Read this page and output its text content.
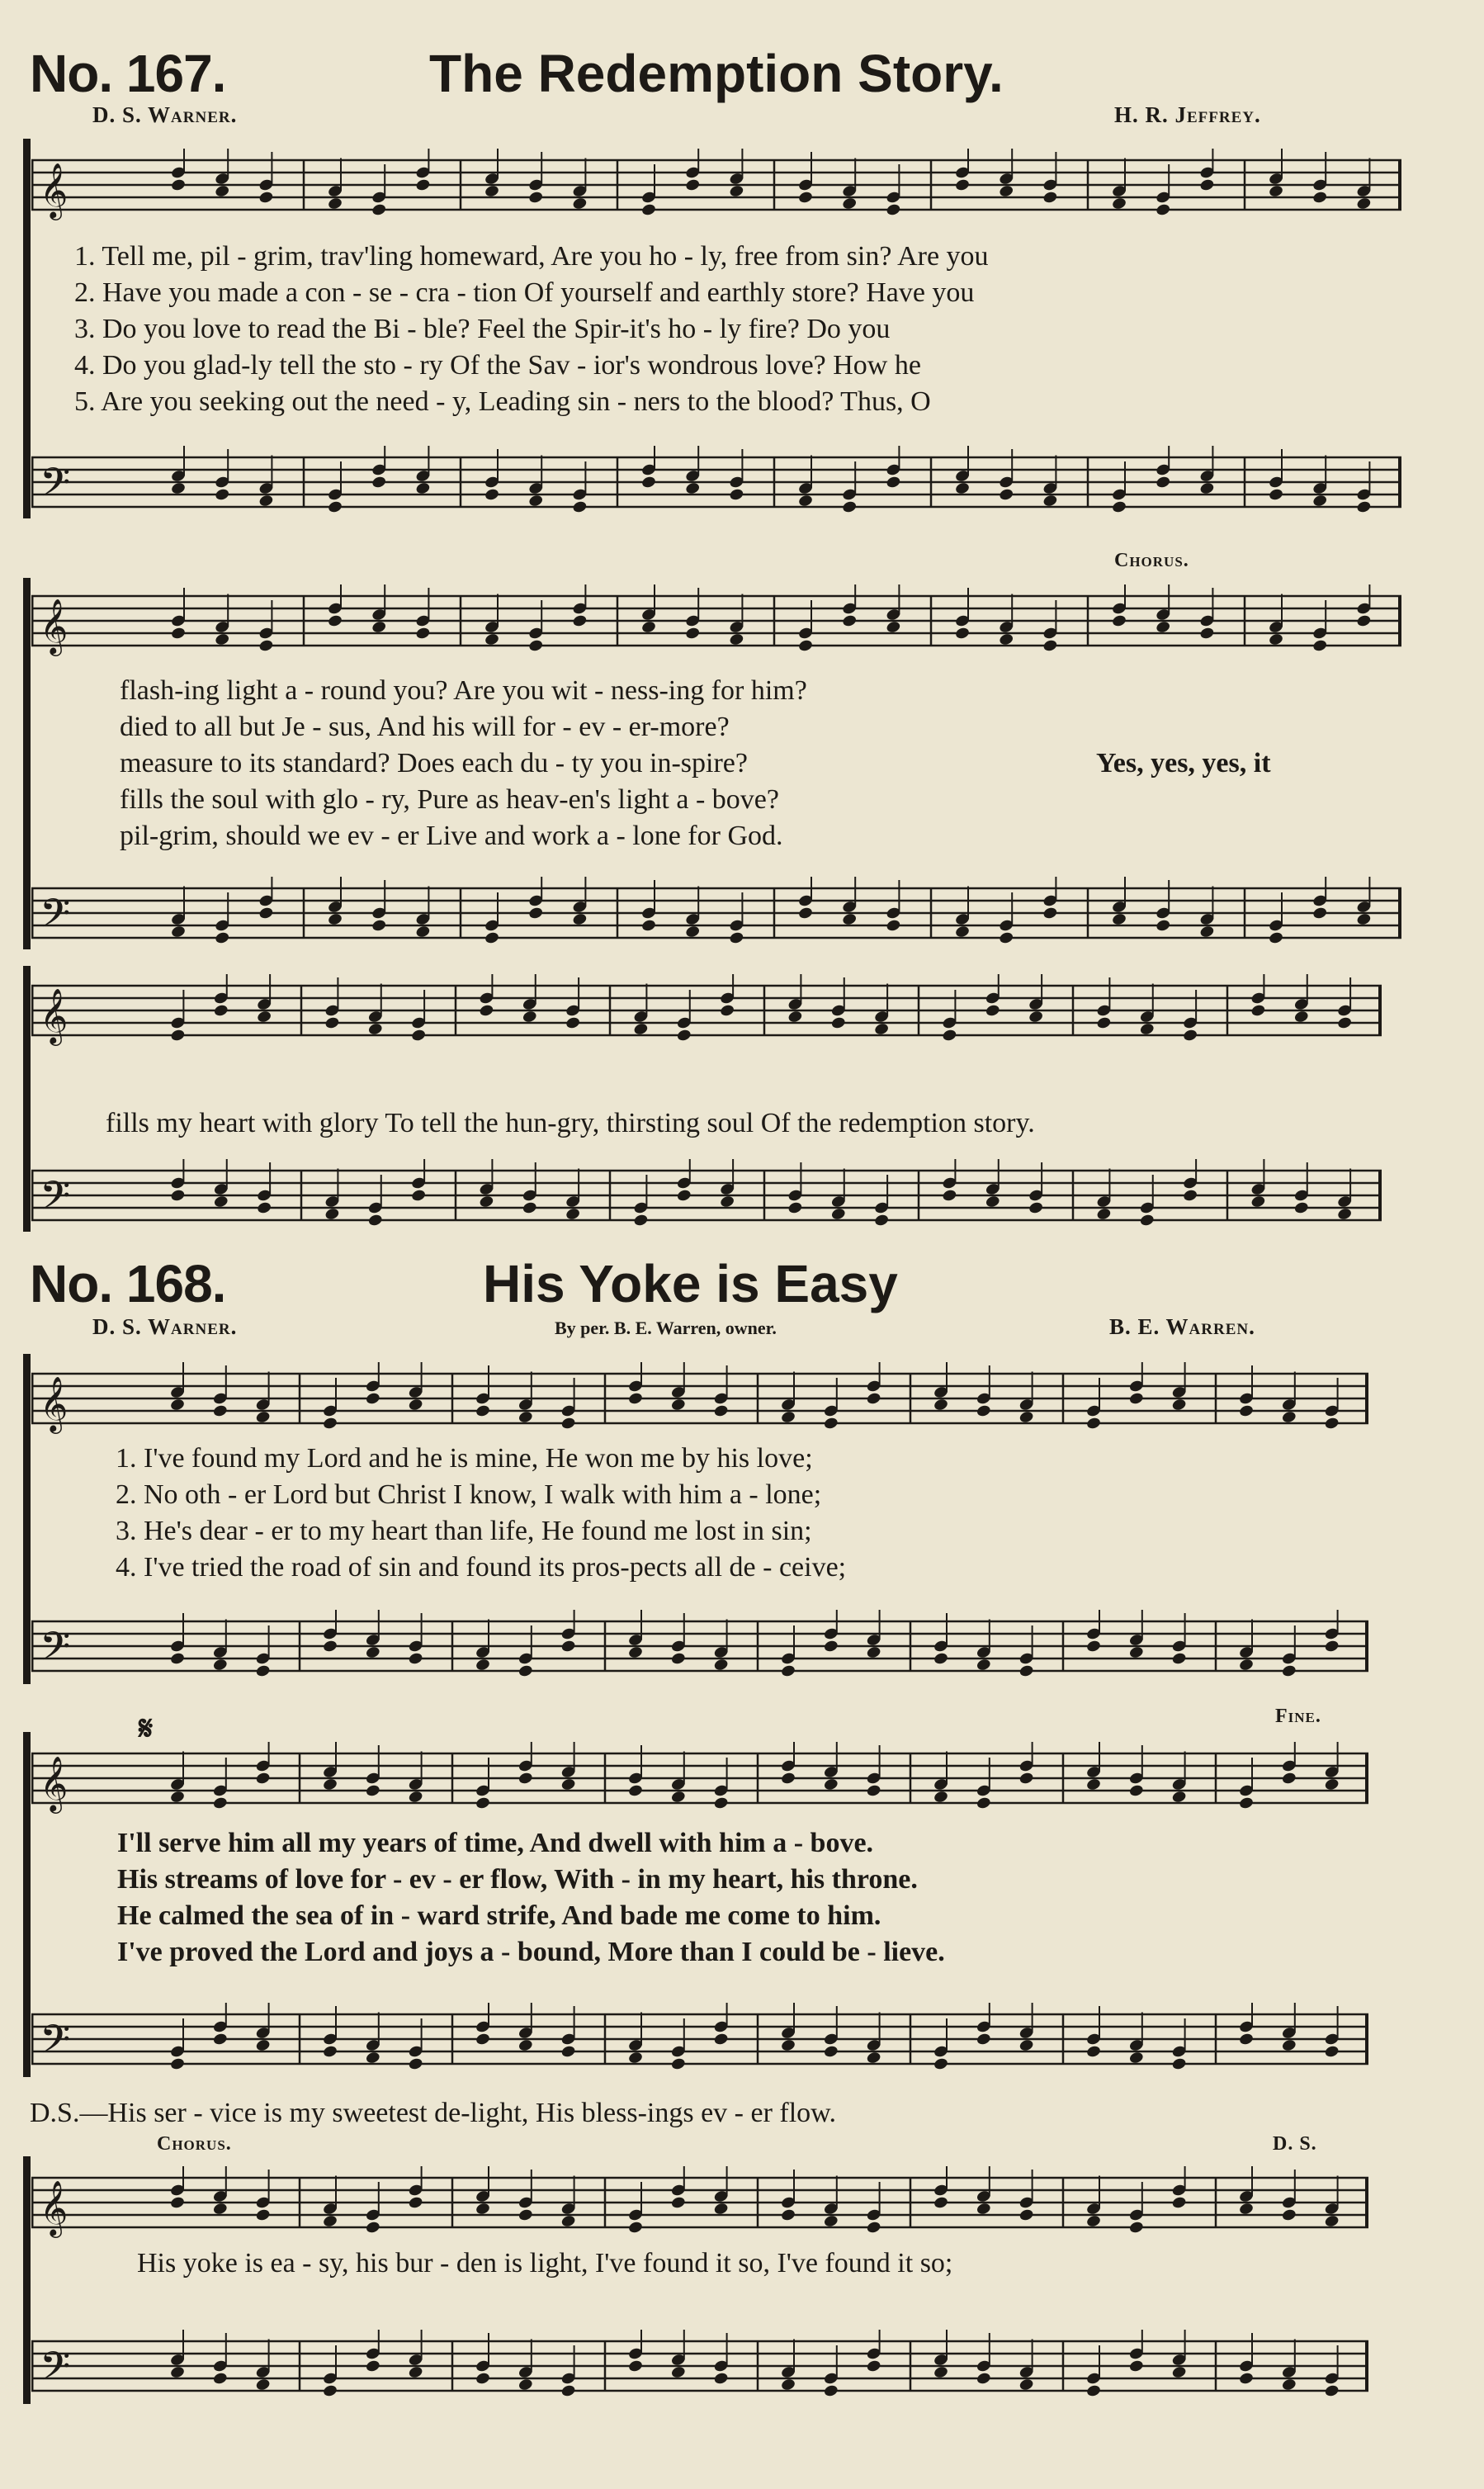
No. 167.	The Redemption Story.
D. S. Warner.	H. R. Jeffrey.
𝄞
1. Tell me, pil - grim, trav'ling homeward, Are you ho - ly, free from sin? Are you
2. Have you made a con - se - cra - tion Of yourself and earthly store? Have you
3. Do you love to read the Bi - ble? Feel the Spir-it's ho - ly fire? Do you
4. Do you glad-ly tell the sto - ry Of the Sav - ior's wondrous love? How he
5. Are you seeking out the need - y, Leading sin - ners to the blood? Thus, O
𝄢
Chorus.
𝄞
flash-ing light a - round you? Are you wit - ness-ing for him?
died to all but Je - sus, And his will for - ev - er-more?
measure to its standard? Does each du - ty you in-spire?
fills the soul with glo - ry, Pure as heav-en's light a - bove?
pil-grim, should we ev - er Live and work a - lone for God.
Yes, yes, yes, it
𝄢
𝄞
fills my heart with glory To tell the hun-gry, thirsting soul Of the redemption story.
𝄢
No. 168.	His Yoke is Easy
D. S. Warner.	By per. B. E. Warren, owner.	B. E. Warren.
𝄞
1. I've found my Lord and he is mine, He won me by his love;
2. No oth - er Lord but Christ I know, I walk with him a - lone;
3. He's dear - er to my heart than life, He found me lost in sin;
4. I've tried the road of sin and found its pros-pects all de - ceive;
𝄢
𝄋	Fine.
𝄞
I'll serve him all my years of time, And dwell with him a - bove.
His streams of love for - ev - er flow, With - in my heart, his throne.
He calmed the sea of in - ward strife, And bade me come to him.
I've proved the Lord and joys a - bound, More than I could be - lieve.
𝄢
D.S.—His ser - vice is my sweetest de-light, His bless-ings ev - er flow.
Chorus.	D. S.
𝄞
His yoke is ea - sy, his bur - den is light, I've found it so, I've found it so;
𝄢
